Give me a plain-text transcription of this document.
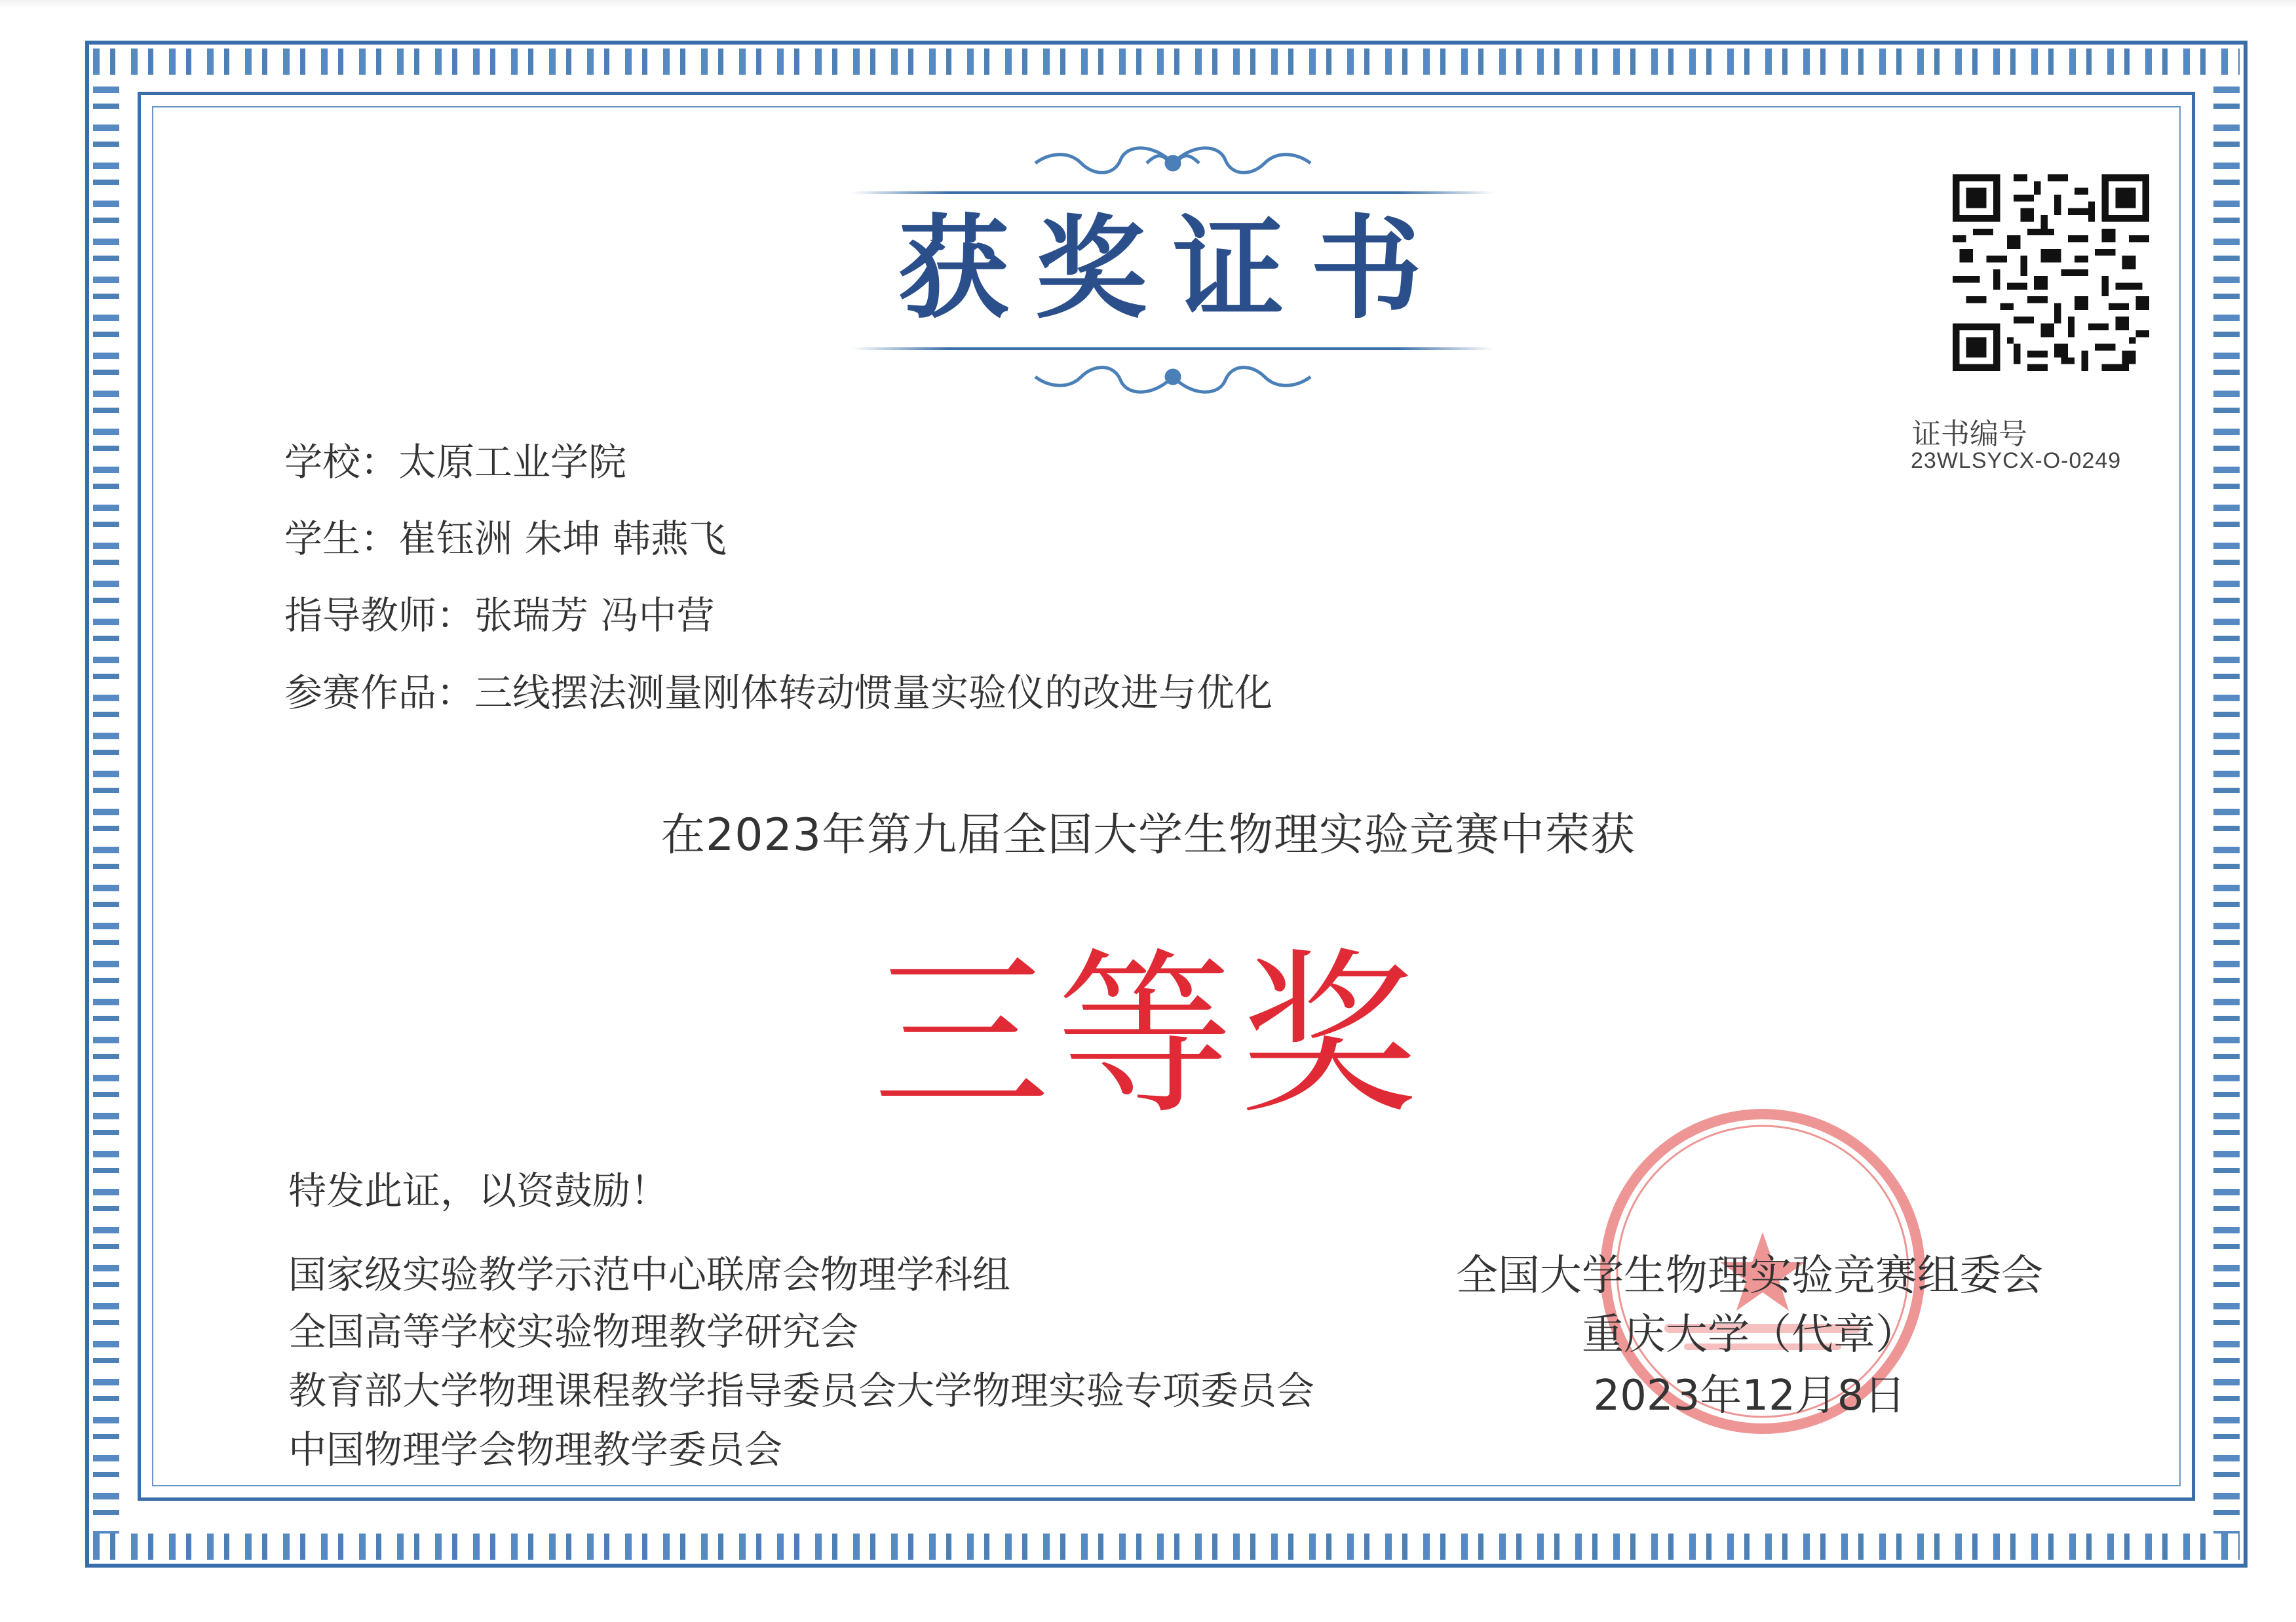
获奖证书
证书编号
23WLSYCX-O-0249
学校：太原工业学院
学生：崔钰洲 朱坤 韩燕飞
指导教师：张瑞芳 冯中营
参赛作品：三线摆法测量刚体转动惯量实验仪的改进与优化
在2023年第九届全国大学生物理实验竞赛中荣获
三等奖
特发此证，以资鼓励！
国家级实验教学示范中心联席会物理学科组
全国高等学校实验物理教学研究会
教育部大学物理课程教学指导委员会大学物理实验专项委员会
中国物理学会物理教学委员会
全国大学生物理实验竞赛组委会
重庆大学（代章）
2023年12月8日
